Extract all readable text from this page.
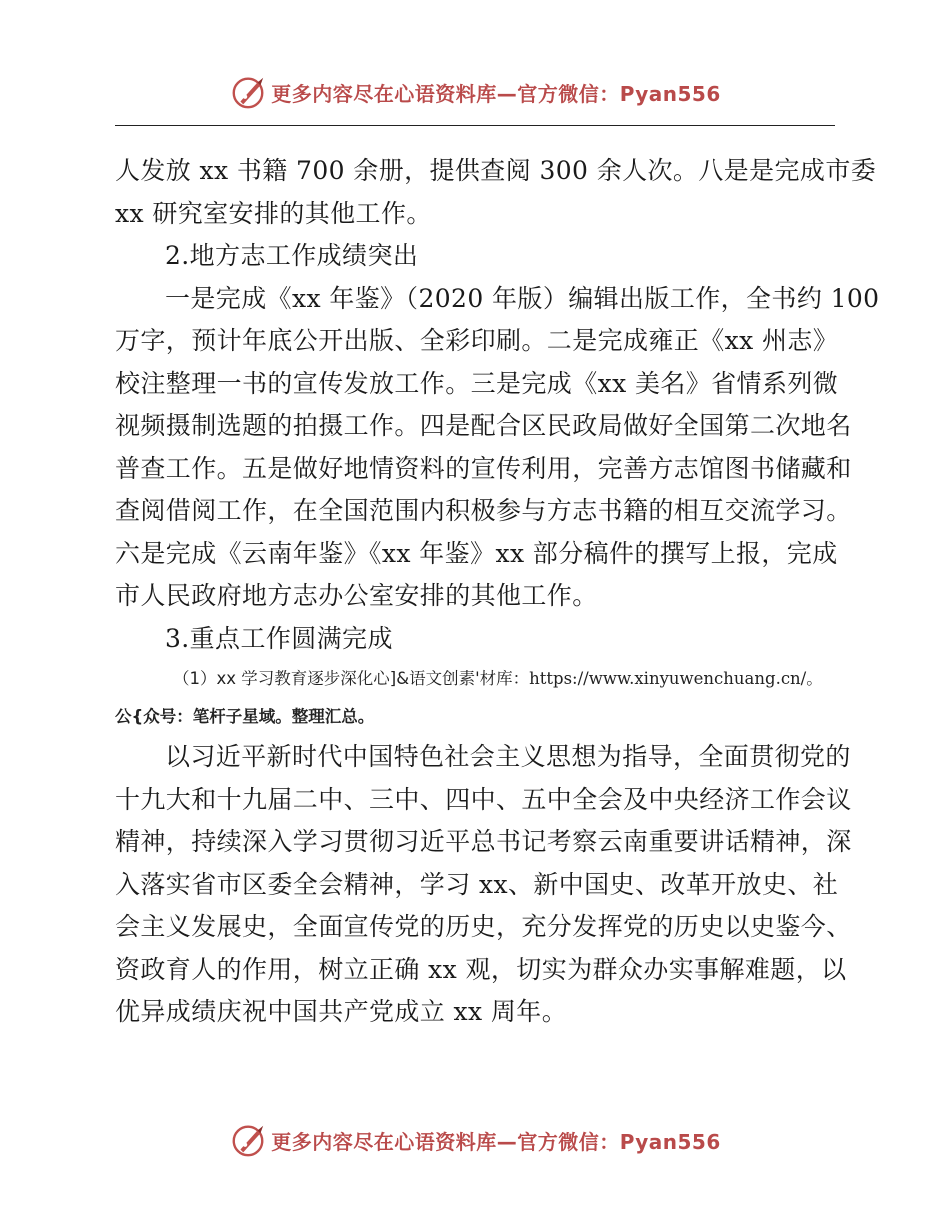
更多内容尽在心语资料库—官方微信：Pyan556
人发放 xx 书籍 700 余册，提供查阅 300 余人次。八是是完成市委
xx 研究室安排的其他工作。
2.地方志工作成绩突出
一是完成《xx 年鉴》（2020 年版）编辑出版工作，全书约 100
万字，预计年底公开出版、全彩印刷。二是完成雍正《xx 州志》
校注整理一书的宣传发放工作。三是完成《xx 美名》省情系列微
视频摄制选题的拍摄工作。四是配合区民政局做好全国第二次地名
普查工作。五是做好地情资料的宣传利用，完善方志馆图书储藏和
查阅借阅工作，在全国范围内积极参与方志书籍的相互交流学习。
六是完成《云南年鉴》《xx 年鉴》xx 部分稿件的撰写上报，完成
市人民政府地方志办公室安排的其他工作。
3.重点工作圆满完成
（1）xx 学习教育逐步深化心]&语文创素'材库：https://www.xinyuwenchuang.cn/。
公{众号：笔杆子星域。整理汇总。
以习近平新时代中国特色社会主义思想为指导，全面贯彻党的
十九大和十九届二中、三中、四中、五中全会及中央经济工作会议
精神，持续深入学习贯彻习近平总书记考察云南重要讲话精神，深
入落实省市区委全会精神，学习 xx、新中国史、改革开放史、社
会主义发展史，全面宣传党的历史，充分发挥党的历史以史鉴今、
资政育人的作用，树立正确 xx 观，切实为群众办实事解难题，以
优异成绩庆祝中国共产党成立 xx 周年。
更多内容尽在心语资料库—官方微信：Pyan556
